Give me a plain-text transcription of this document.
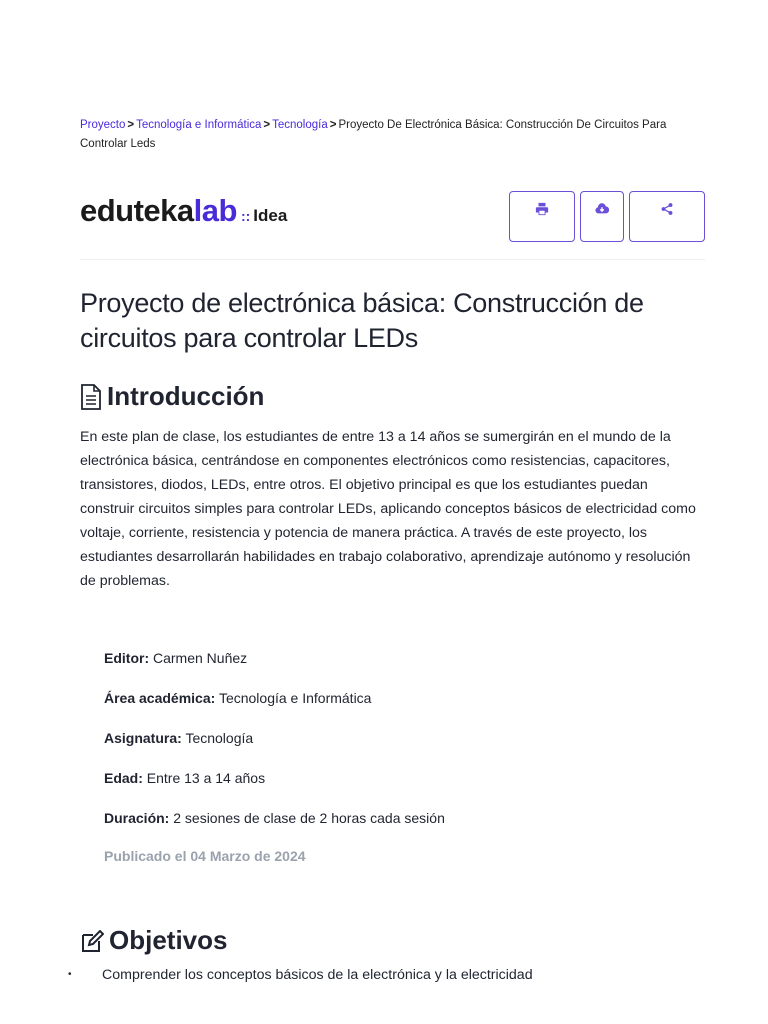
Proyecto > Tecnología e Informática > Tecnología > Proyecto De Electrónica Básica: Construcción De Circuitos Para Controlar Leds
eduteka lab :: Idea
Proyecto de electrónica básica: Construcción de circuitos para controlar LEDs
Introducción

En este plan de clase, los estudiantes de entre 13 a 14 años se sumergirán en el mundo de la electrónica básica, centrándose en componentes electrónicos como resistencias, capacitores, transistores, diodos, LEDs, entre otros. El objetivo principal es que los estudiantes puedan construir circuitos simples para controlar LEDs, aplicando conceptos básicos de electricidad como voltaje, corriente, resistencia y potencia de manera práctica. A través de este proyecto, los estudiantes desarrollarán habilidades en trabajo colaborativo, aprendizaje autónomo y resolución de problemas.

Editor: Carmen Nuñez
Área académica: Tecnología e Informática
Asignatura: Tecnología
Edad: Entre 13 a 14 años
Duración: 2 sesiones de clase de 2 horas cada sesión
Publicado el 04 Marzo de 2024
Objetivos
• Comprender los conceptos básicos de la electrónica y la electricidad
